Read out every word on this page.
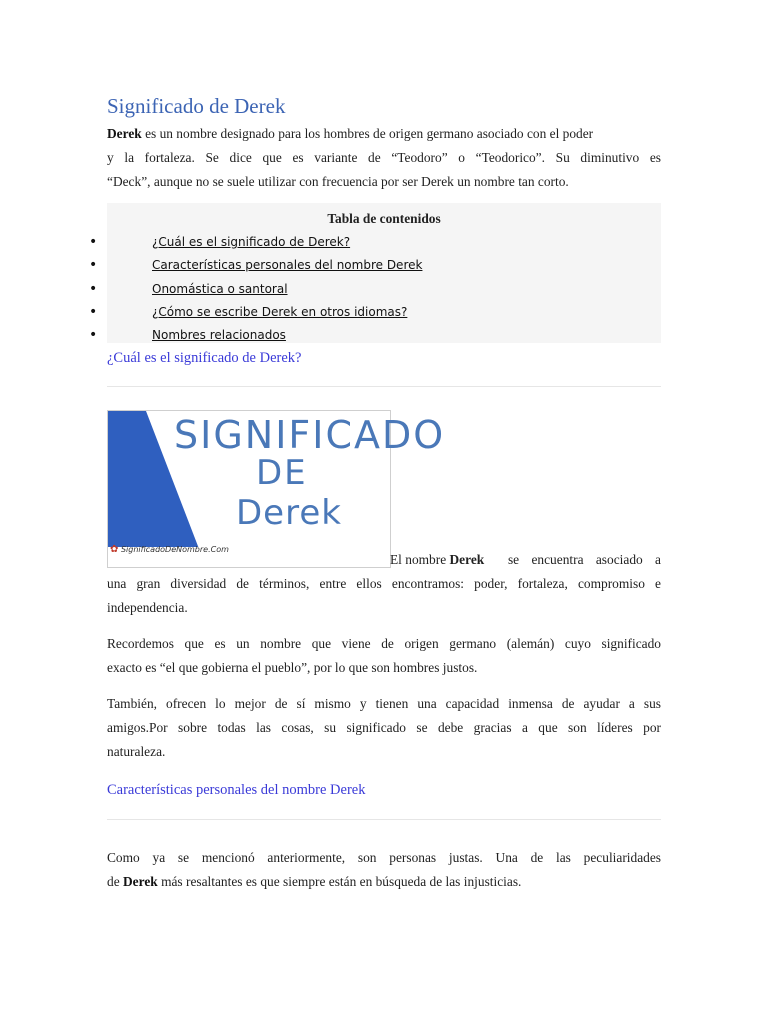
Significado de Derek

Derek es un nombre designado para los hombres de origen germano asociado con el poder
y la fortaleza. Se dice que es variante de “Teodoro” o “Teodorico”. Su diminutivo es
“Deck”, aunque no se suele utilizar con frecuencia por ser Derek un nombre tan corto.

Tabla de contenidos
•	¿Cuál es el significado de Derek?
•	Características personales del nombre Derek
•	Onomástica o santoral
•	¿Cómo se escribe Derek en otros idiomas?
•	Nombres relacionados
¿Cuál es el significado de Derek?
SIGNIFICADO
DE
Derek
✿ SignificadoDeNombre.Com
El nombre Derek se encuentra asociado a

una gran diversidad de términos, entre ellos encontramos: poder, fortaleza, compromiso e
independencia.

Recordemos que es un nombre que viene de origen germano (alemán) cuyo significado
exacto es “el que gobierna el pueblo”, por lo que son hombres justos.

También, ofrecen lo mejor de sí mismo y tienen una capacidad inmensa de ayudar a sus
amigos.Por sobre todas las cosas, su significado se debe gracias a que son líderes por
naturaleza.

Características personales del nombre Derek

Como ya se mencionó anteriormente, son personas justas. Una de las peculiaridades
de Derek más resaltantes es que siempre están en búsqueda de las injusticias.
